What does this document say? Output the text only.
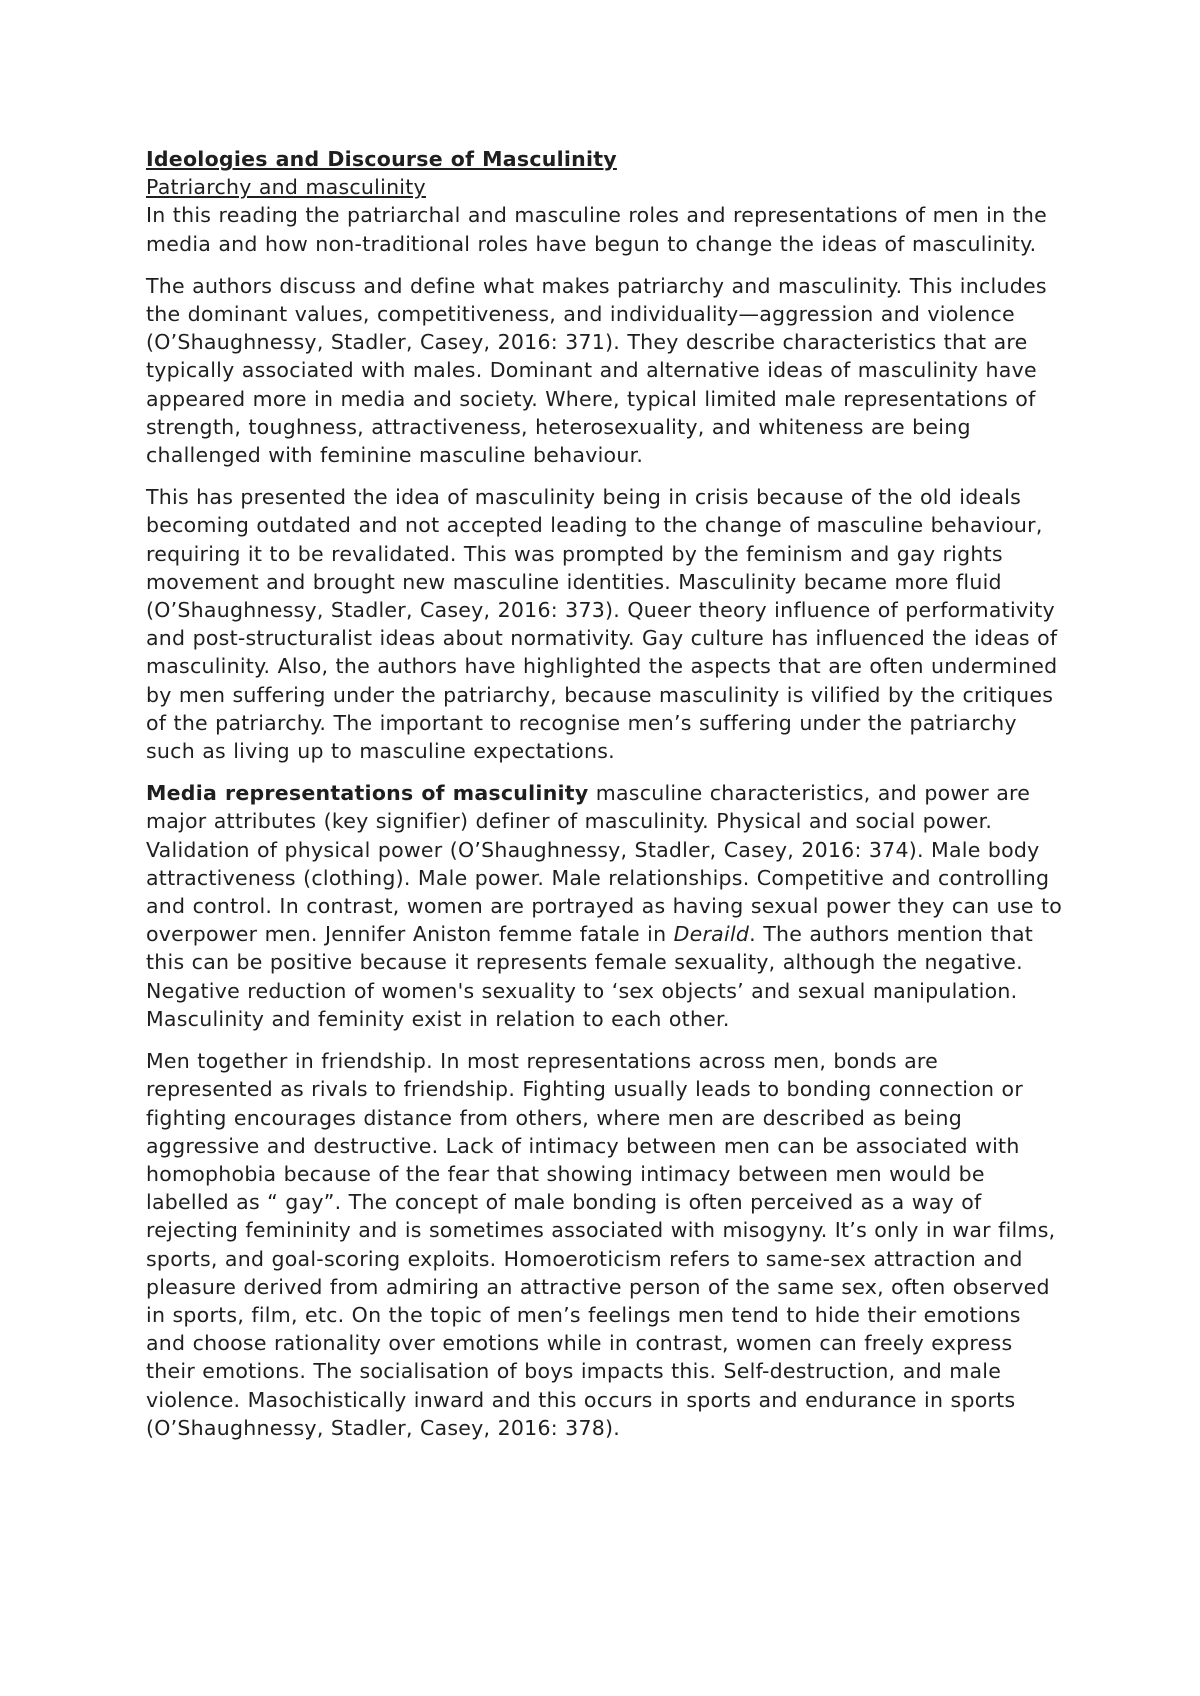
Ideologies and Discourse of Masculinity
Patriarchy and masculinity

In this reading the patriarchal and masculine roles and representations of men in the media and how non-traditional roles have begun to change the ideas of masculinity.

The authors discuss and define what makes patriarchy and masculinity. This includes the dominant values, competitiveness, and individuality—aggression and violence (O’Shaughnessy, Stadler, Casey, 2016: 371). They describe characteristics that are typically associated with males. Dominant and alternative ideas of masculinity have appeared more in media and society. Where, typical limited male representations of strength, toughness, attractiveness, heterosexuality, and whiteness are being challenged with feminine masculine behaviour.

This has presented the idea of masculinity being in crisis because of the old ideals becoming outdated and not accepted leading to the change of masculine behaviour, requiring it to be revalidated. This was prompted by the feminism and gay rights movement and brought new masculine identities. Masculinity became more fluid (O’Shaughnessy, Stadler, Casey, 2016: 373). Queer theory influence of performativity and post-structuralist ideas about normativity. Gay culture has influenced the ideas of masculinity. Also, the authors have highlighted the aspects that are often undermined by men suffering under the patriarchy, because masculinity is vilified by the critiques of the patriarchy. The important to recognise men’s suffering under the patriarchy such as living up to masculine expectations.

Media representations of masculinity masculine characteristics, and power are major attributes (key signifier) definer of masculinity. Physical and social power. Validation of physical power (O’Shaughnessy, Stadler, Casey, 2016: 374). Male body attractiveness (clothing). Male power. Male relationships. Competitive and controlling and control. In contrast, women are portrayed as having sexual power they can use to overpower men. Jennifer Aniston femme fatale in Deraild. The authors mention that this can be positive because it represents female sexuality, although the negative. Negative reduction of women's sexuality to ‘sex objects’ and sexual manipulation. Masculinity and feminity exist in relation to each other.

Men together in friendship. In most representations across men, bonds are represented as rivals to friendship. Fighting usually leads to bonding connection or fighting encourages distance from others, where men are described as being aggressive and destructive. Lack of intimacy between men can be associated with homophobia because of the fear that showing intimacy between men would be labelled as “ gay”. The concept of male bonding is often perceived as a way of rejecting femininity and is sometimes associated with misogyny. It’s only in war films, sports, and goal-scoring exploits. Homoeroticism refers to same-sex attraction and pleasure derived from admiring an attractive person of the same sex, often observed in sports, film, etc. On the topic of men’s feelings men tend to hide their emotions and choose rationality over emotions while in contrast, women can freely express their emotions. The socialisation of boys impacts this. Self-destruction, and male violence. Masochistically inward and this occurs in sports and endurance in sports (O’Shaughnessy, Stadler, Casey, 2016: 378).
